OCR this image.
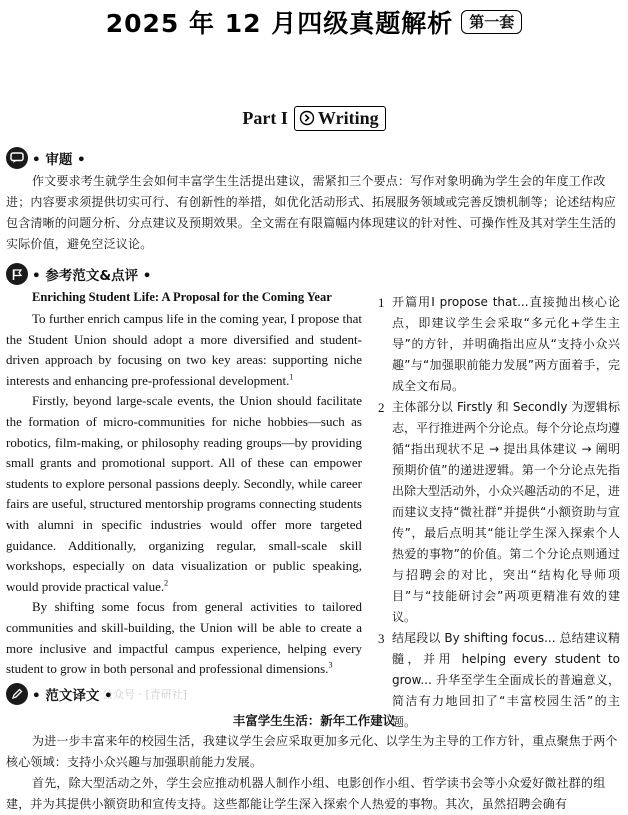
2025 年 12 月四级真题解析	第一套
Part I Writing
• 审题 •

作文要求考生就学生会如何丰富学生生活提出建议，需紧扣三个要点：写作对象明确为学生会的年度工作改进；内容要求须提供切实可行、有创新性的举措，如优化活动形式、拓展服务领域或完善反馈机制等；论述结构应包含清晰的问题分析、分点建议及预期效果。全文需在有限篇幅内体现建议的针对性、可操作性及其对学生生活的实际价值，避免空泛议论。

• 参考范文&点评 •
Enriching Student Life: A Proposal for the Coming Year

To further enrich campus life in the coming year, I propose that the Student Union should adopt a more diversified and student-driven approach by focusing on two key areas: supporting niche interests and enhancing pre-professional development.$^1$

Firstly, beyond large-scale events, the Union should facilitate the formation of micro-communities for niche hobbies—such as robotics, film-making, or philosophy reading groups—by providing small grants and promotional support. All of these can empower students to explore personal passions deeply. Secondly, while career fairs are useful, structured mentorship programs connecting students with alumni in specific industries would offer more targeted guidance. Additionally, organizing regular, small-scale skill workshops, especially on data visualization or public speaking, would provide practical value.$^2$

By shifting some focus from general activities to tailored communities and skill-building, the Union will be able to create a more inclusive and impactful campus experience, helping every student to grow in both personal and professional dimensions.$^3$

1 开篇用I propose that...直接抛出核心论点，即建议学生会采取“多元化+学生主导”的方针，并明确指出应从“支持小众兴趣”与“加强职前能力发展”两方面着手，完成全文布局。
2 主体部分以 Firstly 和 Secondly 为逻辑标志，平行推进两个分论点。每个分论点均遵循“指出现状不足 → 提出具体建议 → 阐明预期价值”的递进逻辑。第一个分论点先指出除大型活动外，小众兴趣活动的不足，进而建议支持“微社群”并提供“小额资助与宣传”，最后点明其“能让学生深入探索个人热爱的事物”的价值。第二个分论点则通过与招聘会的对比，突出“结构化导师项目”与“技能研讨会”两项更精准有效的建议。
3 结尾段以 By shifting focus... 总结建议精髓，并用 helping every student to grow... 升华至学生全面成长的普遍意义，简洁有力地回扣了“丰富校园生活”的主题。
公众号 · [青研社]
• 范文译文 •
丰富学生生活：新年工作建议

为进一步丰富来年的校园生活，我建议学生会应采取更加多元化、以学生为主导的工作方针，重点聚焦于两个核心领域：支持小众兴趣与加强职前能力发展。

首先，除大型活动之外，学生会应推动机器人制作小组、电影创作小组、哲学读书会等小众爱好微社群的组建，并为其提供小额资助和宣传支持。这些都能让学生深入探索个人热爱的事物。其次，虽然招聘会确有
